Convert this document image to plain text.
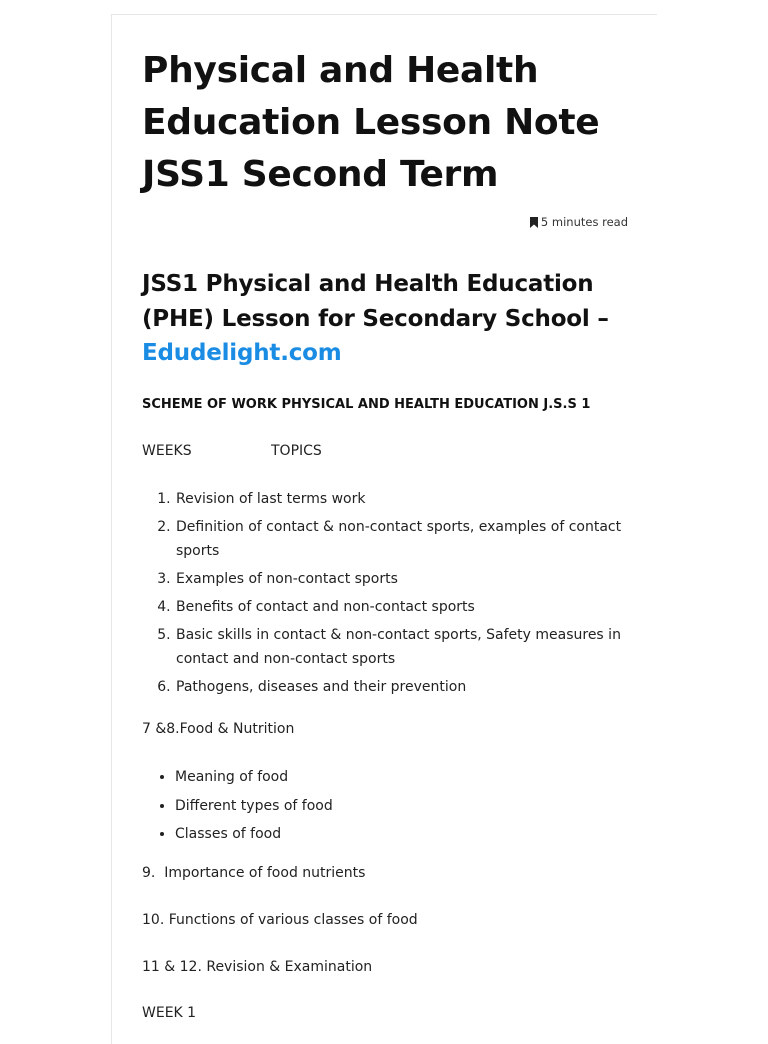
Physical and Health Education Lesson Note JSS1 Second Term
5 minutes read
JSS1 Physical and Health Education (PHE) Lesson for Secondary School – Edudelight.com
SCHEME OF WORK PHYSICAL AND HEALTH EDUCATION J.S.S 1
WEEKS	TOPICS
1. Revision of last terms work
2. Definition of contact & non-contact sports, examples of contact sports
3. Examples of non-contact sports
4. Benefits of contact and non-contact sports
5. Basic skills in contact & non-contact sports, Safety measures in contact and non-contact sports
6. Pathogens, diseases and their prevention

7 &8.Food & Nutrition

• Meaning of food
• Different types of food
• Classes of food

9.  Importance of food nutrients

10. Functions of various classes of food

11 & 12. Revision & Examination

WEEK 1
